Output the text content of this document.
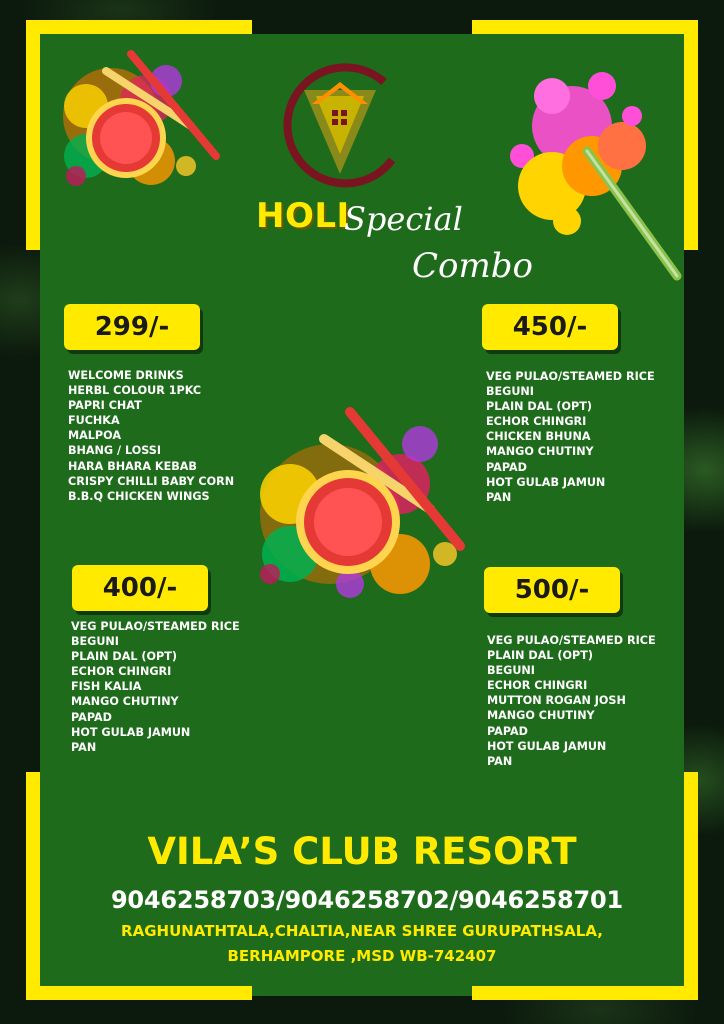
HOLI
Special
Combo
299/-	450/-
400/-	500/-
WELCOME DRINKS
HERBL COLOUR 1PKC
PAPRI CHAT
FUCHKA
MALPOA
BHANG / LOSSI
HARA BHARA KEBAB
CRISPY CHILLI BABY CORN
B.B.Q CHICKEN WINGS
VEG PULAO/STEAMED RICE
BEGUNI
PLAIN DAL (OPT)
ECHOR CHINGRI
CHICKEN BHUNA
MANGO CHUTINY
PAPAD
HOT GULAB JAMUN
PAN
VEG PULAO/STEAMED RICE
BEGUNI
PLAIN DAL (OPT)
ECHOR CHINGRI
FISH KALIA
MANGO CHUTINY
PAPAD
HOT GULAB JAMUN
PAN
VEG PULAO/STEAMED RICE
PLAIN DAL (OPT)
BEGUNI
ECHOR CHINGRI
MUTTON ROGAN JOSH
MANGO CHUTINY
PAPAD
HOT GULAB JAMUN
PAN
VILA’S CLUB RESORT
9046258703/9046258702/9046258701
RAGHUNATHTALA,CHALTIA,NEAR SHREE GURUPATHSALA,
BERHAMPORE ,MSD WB-742407
